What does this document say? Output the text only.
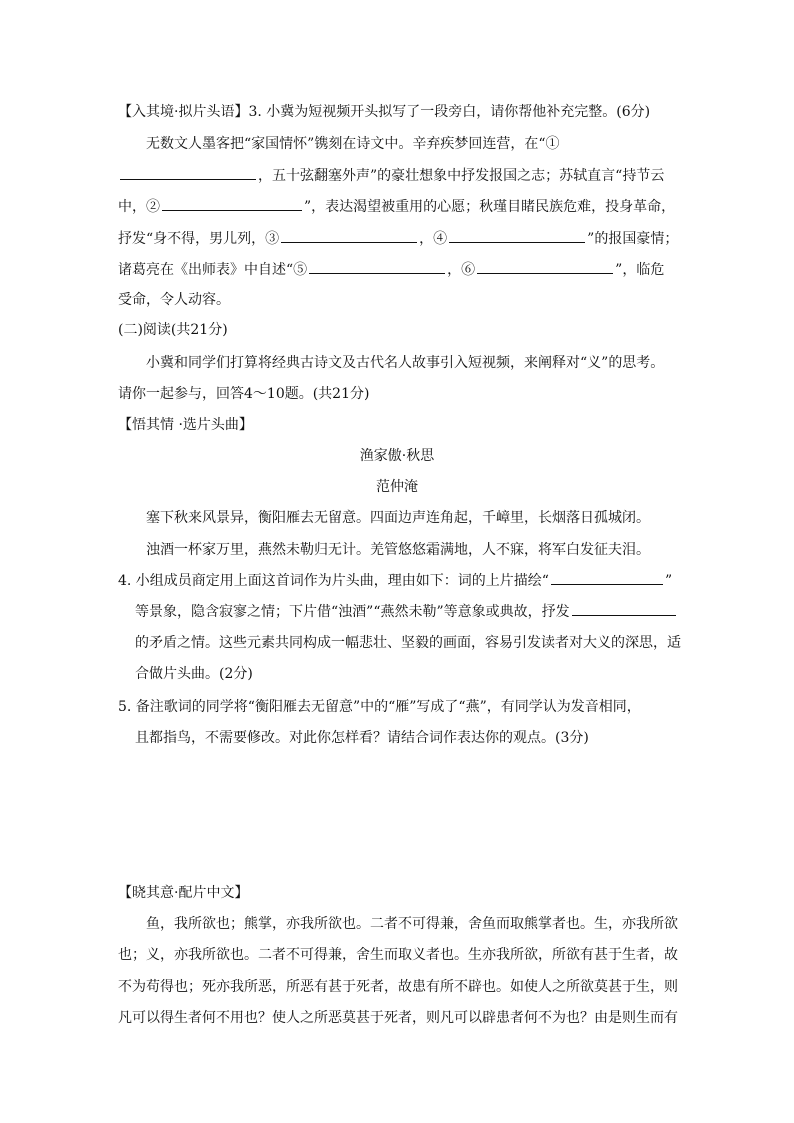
【入其境·拟片头语】3. 小冀为短视频开头拟写了一段旁白，请你帮他补充完整。(6分)
无数文人墨客把“家国情怀”镌刻在诗文中。辛弃疾梦回连营，在“①
，五十弦翻塞外声”的豪壮想象中抒发报国之志；苏轼直言“持节云
中，②	”，表达渴望被重用的心愿；秋瑾目睹民族危难，投身革命，
抒发“身不得，男儿列，③	，④	”的报国豪情；
诸葛亮在《出师表》中自述“⑤	，⑥	”，临危
受命，令人动容。
(二)阅读(共21分)
小冀和同学们打算将经典古诗文及古代名人故事引入短视频，来阐释对“义”的思考。
请你一起参与，回答4～10题。(共21分)
【悟其情 ·选片头曲】
渔家傲·秋思
范仲淹
塞下秋来风景异，衡阳雁去无留意。四面边声连角起，千嶂里，长烟落日孤城闭。
浊酒一杯家万里，燕然未勒归无计。羌管悠悠霜满地，人不寐，将军白发征夫泪。
4. 小组成员商定用上面这首词作为片头曲，理由如下：词的上片描绘“	”
等景象，隐含寂寥之情；下片借“浊酒”“燕然未勒”等意象或典故，抒发
的矛盾之情。这些元素共同构成一幅悲壮、坚毅的画面，容易引发读者对大义的深思，适
合做片头曲。(2分)
5. 备注歌词的同学将“衡阳雁去无留意”中的“雁”写成了“燕”，有同学认为发音相同，
且都指鸟，不需要修改。对此你怎样看？请结合词作表达你的观点。(3分)
【晓其意·配片中文】
鱼，我所欲也；熊掌，亦我所欲也。二者不可得兼，舍鱼而取熊掌者也。生，亦我所欲
也；义，亦我所欲也。二者不可得兼，舍生而取义者也。生亦我所欲，所欲有甚于生者，故
不为苟得也；死亦我所恶，所恶有甚于死者，故患有所不辟也。如使人之所欲莫甚于生，则
凡可以得生者何不用也？使人之所恶莫甚于死者，则凡可以辟患者何不为也？由是则生而有
